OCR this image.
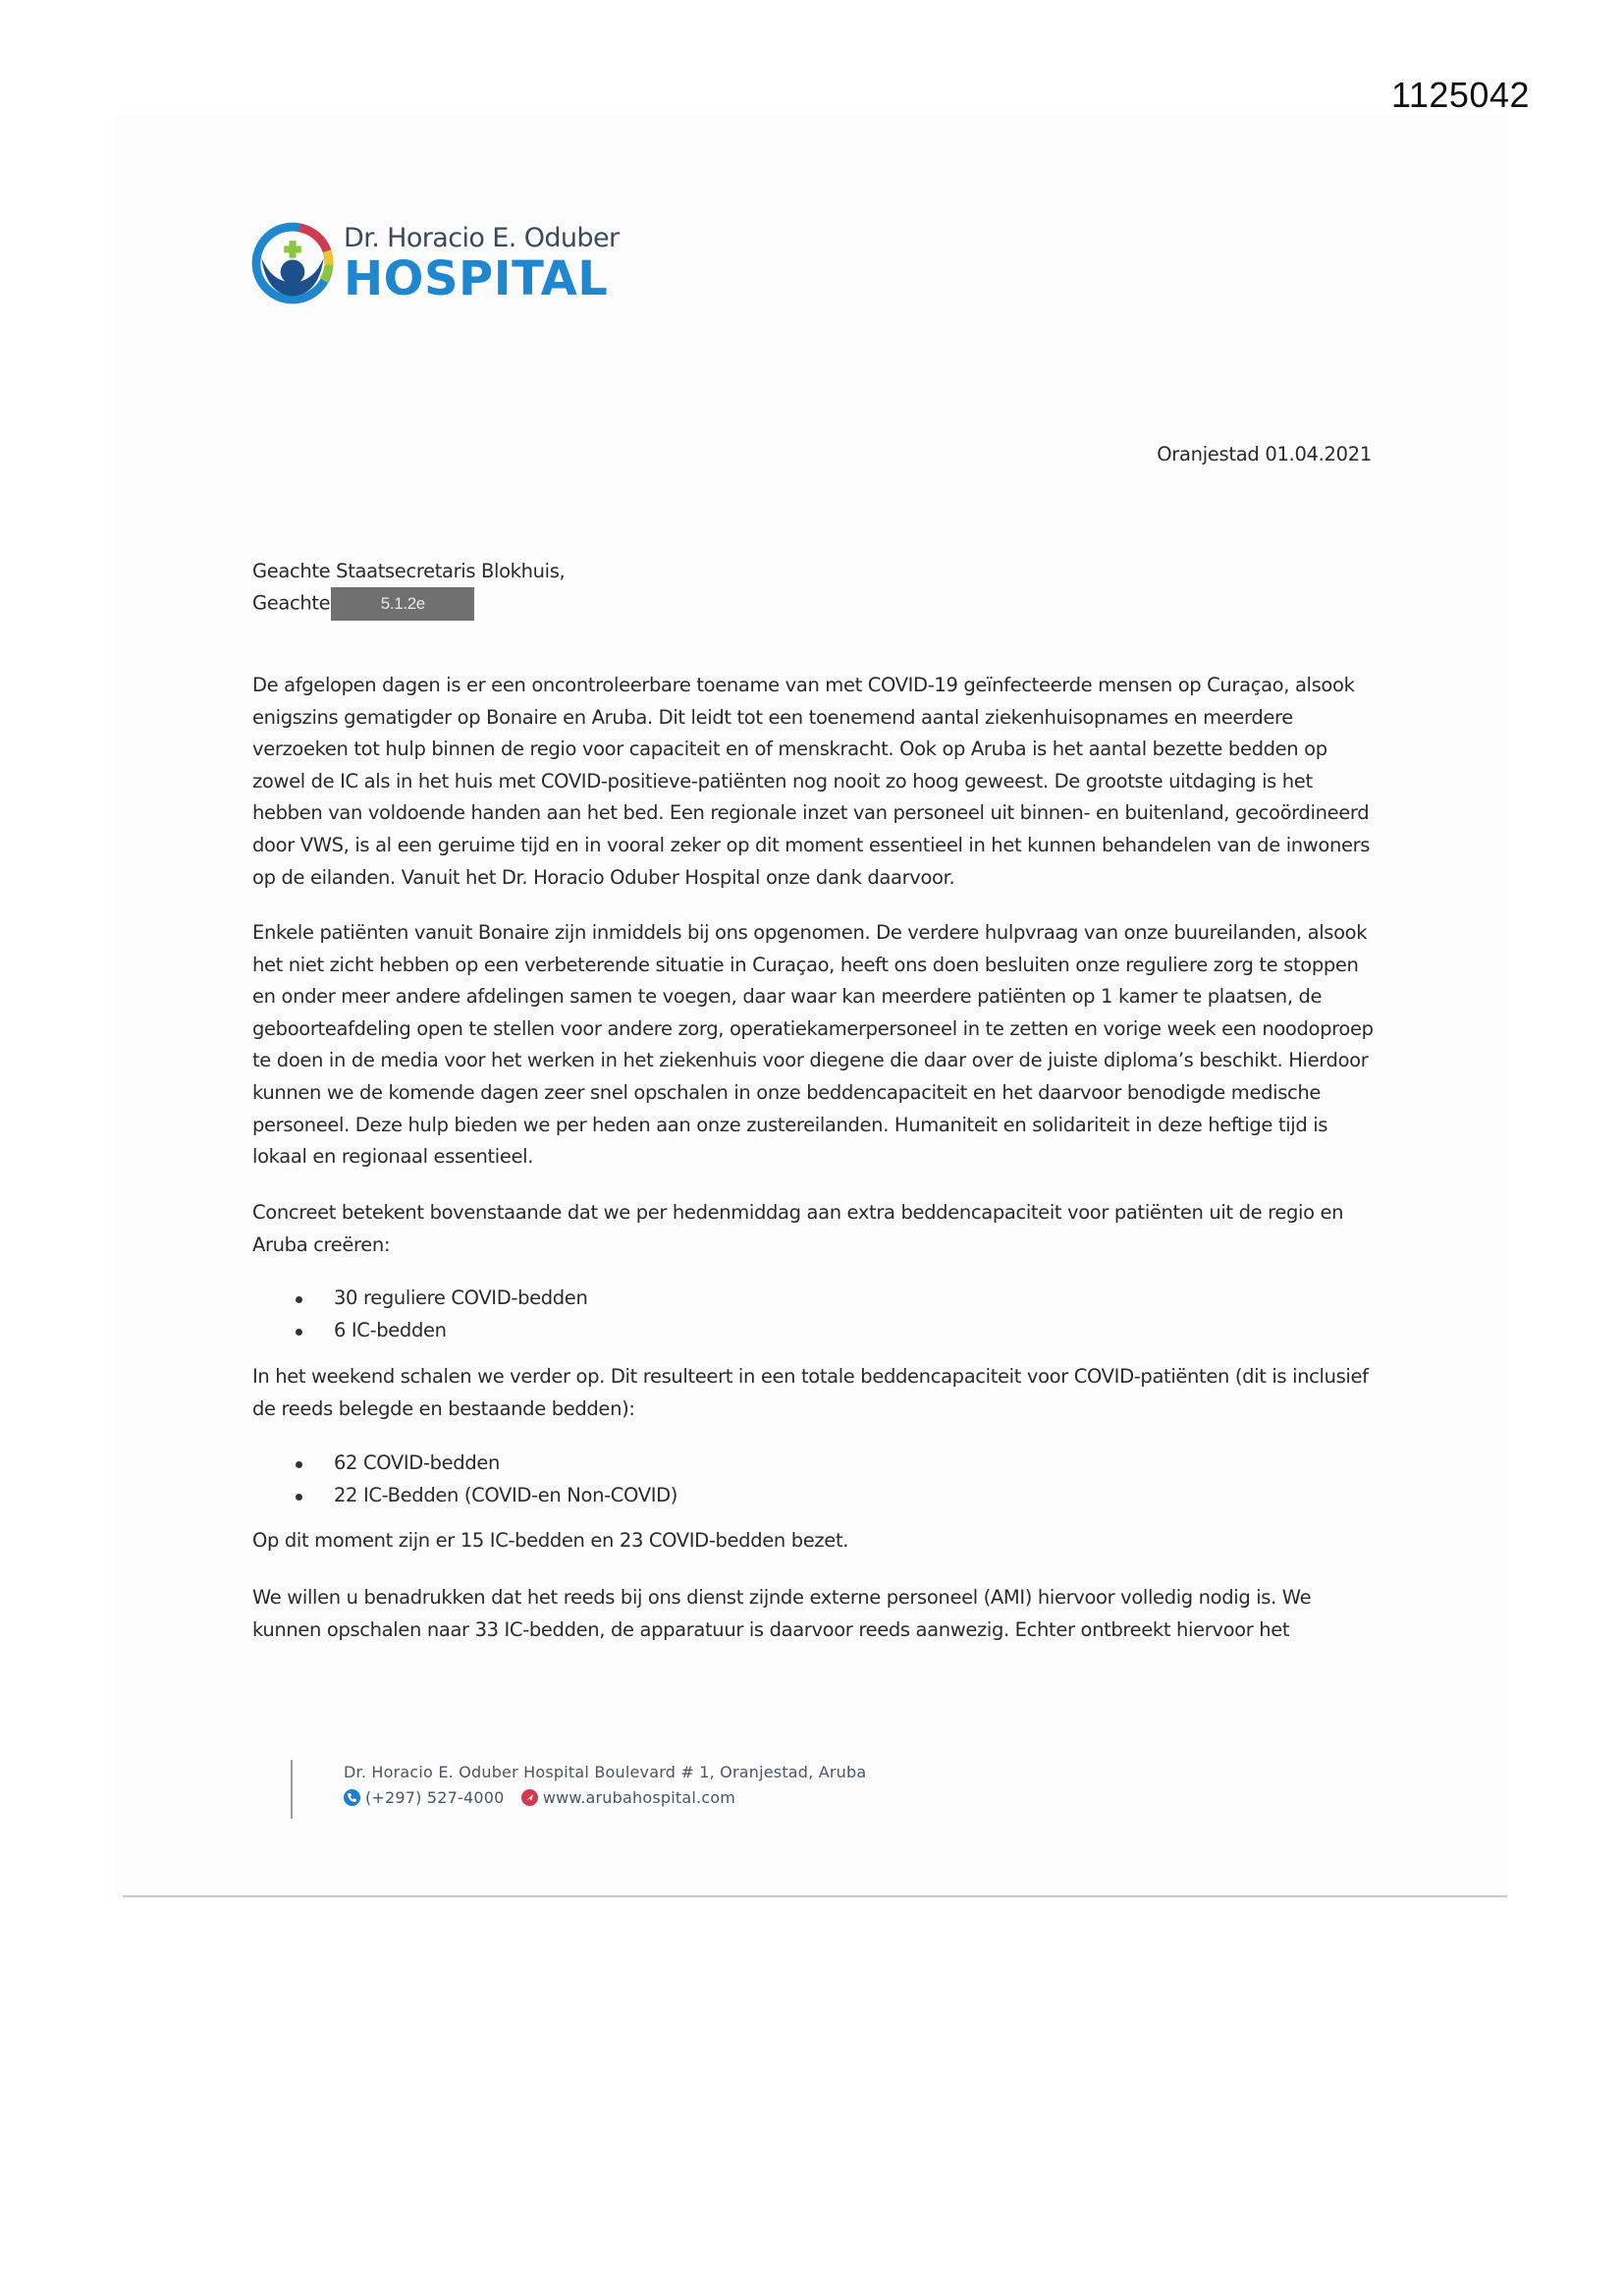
1125042
Dr. Horacio E. Oduber
HOSPITAL
Oranjestad 01.04.2021
Geachte Staatsecretaris Blokhuis,
Geachte	5.1.2e

De afgelopen dagen is er een oncontroleerbare toename van met COVID-19 geïnfecteerde mensen op Curaçao, alsook enigszins gematigder op Bonaire en Aruba. Dit leidt tot een toenemend aantal ziekenhuisopnames en meerdere verzoeken tot hulp binnen de regio voor capaciteit en of menskracht. Ook op Aruba is het aantal bezette bedden op zowel de IC als in het huis met COVID-positieve-patiënten nog nooit zo hoog geweest. De grootste uitdaging is het hebben van voldoende handen aan het bed. Een regionale inzet van personeel uit binnen- en buitenland, gecoördineerd door VWS, is al een geruime tijd en in vooral zeker op dit moment essentieel in het kunnen behandelen van de inwoners op de eilanden. Vanuit het Dr. Horacio Oduber Hospital onze dank daarvoor.

Enkele patiënten vanuit Bonaire zijn inmiddels bij ons opgenomen. De verdere hulpvraag van onze buureilanden, alsook het niet zicht hebben op een verbeterende situatie in Curaçao, heeft ons doen besluiten onze reguliere zorg te stoppen en onder meer andere afdelingen samen te voegen, daar waar kan meerdere patiënten op 1 kamer te plaatsen, de geboorteafdeling open te stellen voor andere zorg, operatiekamerpersoneel in te zetten en vorige week een noodoproep te doen in de media voor het werken in het ziekenhuis voor diegene die daar over de juiste diploma’s beschikt. Hierdoor kunnen we de komende dagen zeer snel opschalen in onze beddencapaciteit en het daarvoor benodigde medische personeel. Deze hulp bieden we per heden aan onze zustereilanden. Humaniteit en solidariteit in deze heftige tijd is lokaal en regionaal essentieel.

Concreet betekent bovenstaande dat we per hedenmiddag aan extra beddencapaciteit voor patiënten uit de regio en Aruba creëren:

30 reguliere COVID-bedden
6 IC-bedden

In het weekend schalen we verder op. Dit resulteert in een totale beddencapaciteit voor COVID-patiënten (dit is inclusief de reeds belegde en bestaande bedden):

62 COVID-bedden
22 IC-Bedden (COVID-en Non-COVID)

Op dit moment zijn er 15 IC-bedden en 23 COVID-bedden bezet.

We willen u benadrukken dat het reeds bij ons dienst zijnde externe personeel (AMI) hiervoor volledig nodig is. We kunnen opschalen naar 33 IC-bedden, de apparatuur is daarvoor reeds aanwezig. Echter ontbreekt hiervoor het

Dr. Horacio E. Oduber Hospital Boulevard # 1, Oranjestad, Aruba
(+297) 527-4000 www.arubahospital.com
